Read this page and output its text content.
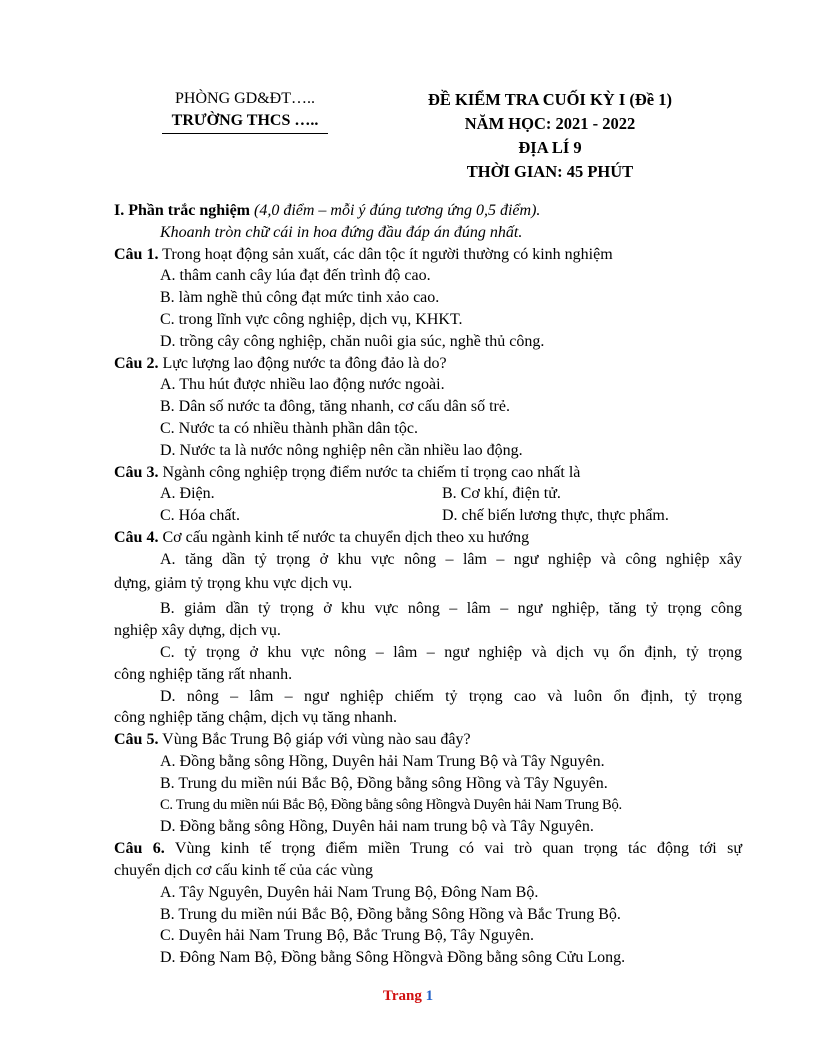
PHÒNG GD&ĐT…..
TRƯỜNG THCS …..
ĐỀ KIỂM TRA CUỐI KỲ I (Đề 1)
NĂM HỌC: 2021 - 2022
ĐỊA LÍ 9
THỜI GIAN: 45 PHÚT
I. Phần trắc nghiệm (4,0 điểm – mỗi ý đúng tương ứng 0,5 điểm).
Khoanh tròn chữ cái in hoa đứng đầu đáp án đúng nhất.
Câu 1. Trong hoạt động sản xuất, các dân tộc ít người thường có kinh nghiệm
A. thâm canh cây lúa đạt đến trình độ cao.
B. làm nghề thủ công đạt mức tinh xảo cao.
C. trong lĩnh vực công nghiệp, dịch vụ, KHKT.
D. trồng cây công nghiệp, chăn nuôi gia súc, nghề thủ công.
Câu 2. Lực lượng lao động nước ta đông đảo là do?
A. Thu hút được nhiều lao động nước ngoài.
B. Dân số nước ta đông, tăng nhanh, cơ cấu dân số trẻ.
C. Nước ta có nhiều thành phần dân tộc.
D. Nước ta là nước nông nghiệp nên cần nhiều lao động.
Câu 3. Ngành công nghiệp trọng điểm nước ta chiếm tỉ trọng cao nhất là
A. Điện.	B. Cơ khí, điện tử.
C. Hóa chất.	D. chế biến lương thực, thực phẩm.
Câu 4. Cơ cấu ngành kinh tế nước ta chuyển dịch theo xu hướng
A. tăng dần tỷ trọng ở khu vực nông – lâm – ngư nghiệp và công nghiệp xây
dựng, giảm tỷ trọng khu vực dịch vụ.
B. giảm dần tỷ trọng ở khu vực nông – lâm – ngư nghiệp, tăng tỷ trọng công
nghiệp xây dựng, dịch vụ.
C. tỷ trọng ở khu vực nông – lâm – ngư nghiệp và dịch vụ ổn định, tỷ trọng
công nghiệp tăng rất nhanh.
D. nông – lâm – ngư nghiệp chiếm tỷ trọng cao và luôn ổn định, tỷ trọng
công nghiệp tăng chậm, dịch vụ tăng nhanh.
Câu 5. Vùng Bắc Trung Bộ giáp với vùng nào sau đây?
A. Đồng bằng sông Hồng, Duyên hải Nam Trung Bộ và Tây Nguyên.
B. Trung du miền núi Bắc Bộ, Đồng bằng sông Hồng và Tây Nguyên.
C. Trung du miền núi Bắc Bộ, Đồng bằng sông Hồngvà Duyên hải Nam Trung Bộ.
D. Đồng bằng sông Hồng, Duyên hải nam trung bộ và Tây Nguyên.
Câu 6. Vùng kinh tế trọng điểm miền Trung có vai trò quan trọng tác động tới sự
chuyển dịch cơ cấu kinh tế của các vùng
A. Tây Nguyên, Duyên hải Nam Trung Bộ, Đông Nam Bộ.
B. Trung du miền núi Bắc Bộ, Đồng bằng Sông Hồng và Bắc Trung Bộ.
C. Duyên hải Nam Trung Bộ, Bắc Trung Bộ, Tây Nguyên.
D. Đông Nam Bộ, Đồng bằng Sông Hồngvà Đồng bằng sông Cửu Long.
Trang 1
